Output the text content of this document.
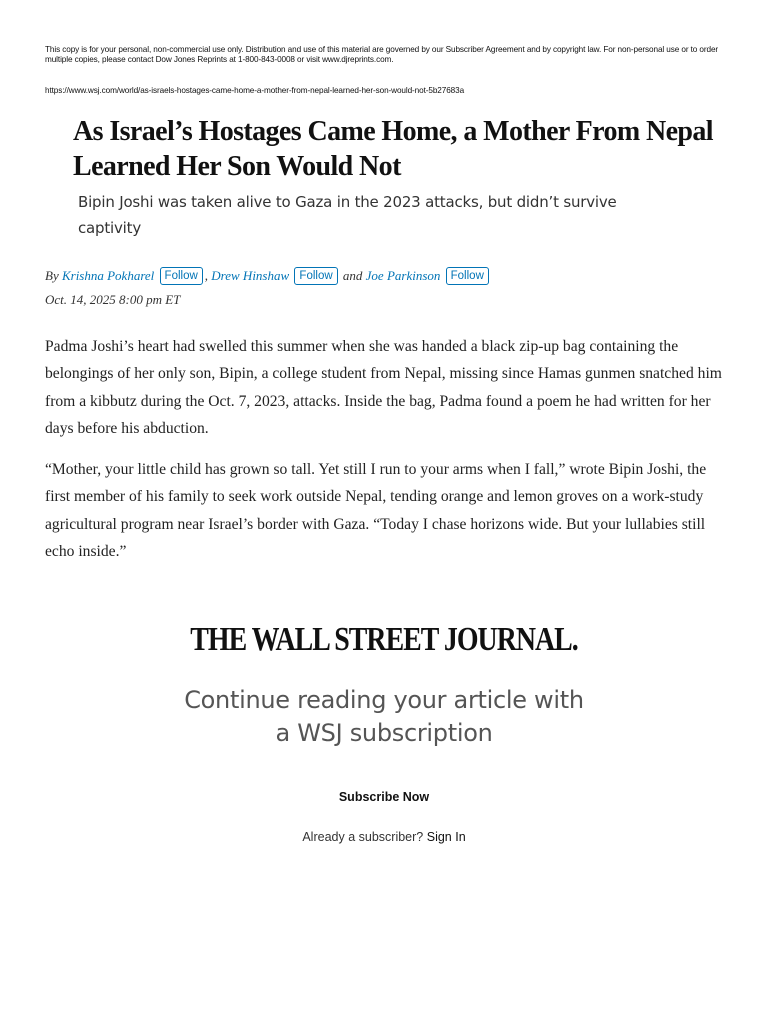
This copy is for your personal, non-commercial use only. Distribution and use of this material are governed by our Subscriber Agreement and by copyright law. For non-personal use or to order multiple copies, please contact Dow Jones Reprints at 1-800-843-0008 or visit www.djreprints.com.
https://www.wsj.com/world/as-israels-hostages-came-home-a-mother-from-nepal-learned-her-son-would-not-5b27683a
As Israel’s Hostages Came Home, a Mother From Nepal Learned Her Son Would Not

Bipin Joshi was taken alive to Gaza in the 2023 attacks, but didn’t survive captivity

By Krishna Pokharel Follow , Drew Hinshaw Follow and Joe Parkinson Follow
Oct. 14, 2025 8:00 pm ET

Padma Joshi’s heart had swelled this summer when she was handed a black zip-up bag containing the belongings of her only son, Bipin, a college student from Nepal, missing since Hamas gunmen snatched him from a kibbutz during the Oct. 7, 2023, attacks. Inside the bag, Padma found a poem he had written for her days before his abduction.

“Mother, your little child has grown so tall. Yet still I run to your arms when I fall,” wrote Bipin Joshi, the first member of his family to seek work outside Nepal, tending orange and lemon groves on a work-study agricultural program near Israel’s border with Gaza. “Today I chase horizons wide. But your lullabies still echo inside.”

THE WALL STREET JOURNAL.
Continue reading your article with
a WSJ subscription
Subscribe Now
Already a subscriber? Sign In
